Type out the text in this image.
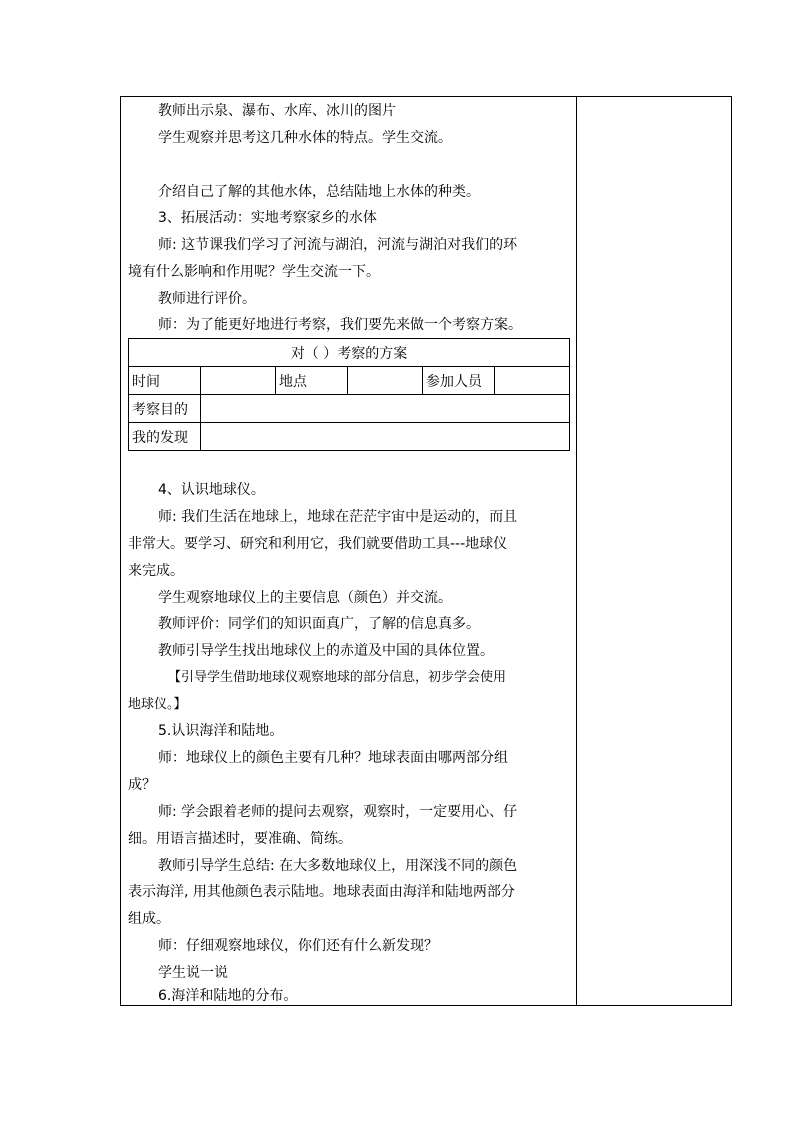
教师出示泉、瀑布、水库、冰川的图片
学生观察并思考这几种水体的特点。学生交流。
介绍自己了解的其他水体，总结陆地上水体的种类。
3、拓展活动：实地考察家乡的水体
师: 这节课我们学习了河流与湖泊，河流与湖泊对我们的环
境有什么影响和作用呢？学生交流一下。
教师进行评价。
师：为了能更好地进行考察，我们要先来做一个考察方案。
对（ ）考察的方案					
时间		地点		参加人员	
考察目的					
我的发现					
4、认识地球仪。
师: 我们生活在地球上，地球在茫茫宇宙中是运动的，而且
非常大。要学习、研究和利用它，我们就要借助工具---地球仪
来完成。
学生观察地球仪上的主要信息（颜色）并交流。
教师评价：同学们的知识面真广，了解的信息真多。
教师引导学生找出地球仪上的赤道及中国的具体位置。
【引导学生借助地球仪观察地球的部分信息，初步学会使用
地球仪。】
5.认识海洋和陆地。
师：地球仪上的颜色主要有几种？地球表面由哪两部分组
成？
师: 学会跟着老师的提问去观察，观察时，一定要用心、仔
细。用语言描述时，要准确、简练。
教师引导学生总结: 在大多数地球仪上，用深浅不同的颜色
表示海洋, 用其他颜色表示陆地。地球表面由海洋和陆地两部分
组成。
师：仔细观察地球仪，你们还有什么新发现？
学生说一说
6.海洋和陆地的分布。
